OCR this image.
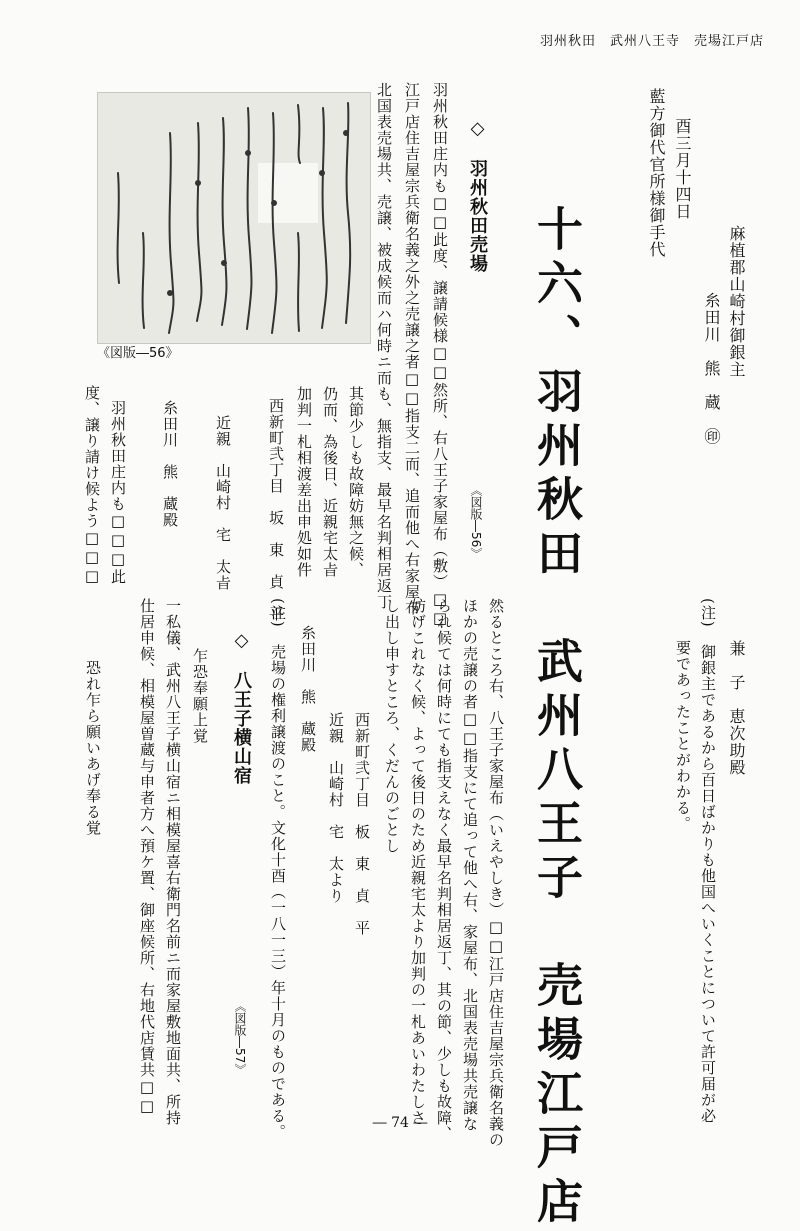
羽州秋田　武州八王寺　売場江戸店
十六、羽州秋田　武州八王子　売場江戸店	麻植郡山崎村御銀主
糸田川　熊　蔵　㊞
酉三月十四日
藍方御代官所様御手代
兼　子　恵次助殿
(注)　御銀主であるから百日ばかりも他国へいくことについて許可届が必
要であったことがわかる。
然るところ右、八王子家屋布（いえやしき）□□江戸店住吉屋宗兵衛名義の
ほかの売譲の者□□指支にて追って他へ右、家屋布、北国表売場共売譲な
られ候ては何時にても指支えなく最早名判相居返丁、其の節、少しも故障、
妨げこれなく候、よって後日のため近親宅太より加判の一札あいわたしさ
し出し申すところ、くだんのごとし
西新町弐丁目　板　東　貞　平
近親　山崎村　宅　太より
糸田川　熊　蔵殿
(注)　売場の権利譲渡のこと。文化十酉（一八一三）年十月のものである。
◇　八王子横山宿
《図版―57》
乍恐奉願上覚
一私儀、武州八王子横山宿ニ相模屋喜右衛門名前ニ而家屋敷地面共、所持
仕居申候、相模屋曽蔵与申者方へ預ケ置、御座候所、右地代店賃共□□
恐れ乍ら願いあげ奉る覚
◇　羽州秋田売場
《図版―56》
羽州秋田庄内も□□此度、譲請候様□□然所、右八王子家屋布（敷）□□
江戸店住吉屋宗兵衛名義之外之売譲之者□□指支二而、追而他へ右家屋布、
北国表売場共、売譲、被成候而ハ何時ニ而も、無指支、最早名判相居返丁
其節少しも故障妨無之候、
仍而、為後日、近親宅太㫖
加判一札相渡差出申処如件
西新町弐丁目　坂　東　貞　平
近親　山崎村　宅　太㫖
糸田川　熊　蔵殿
羽州秋田庄内も□□□此
度、譲り請け候よう□□□
《図版―56》
― 74 ―
